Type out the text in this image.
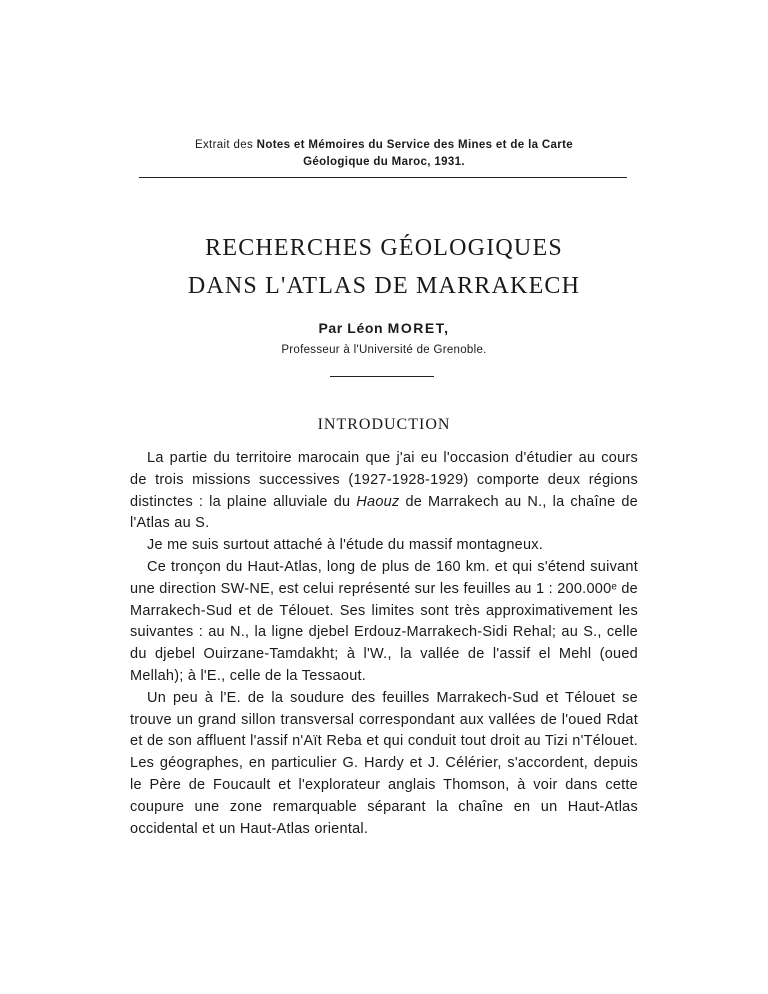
Extrait des Notes et Mémoires du Service des Mines et de la Carte
Géologique du Maroc, 1931.
RECHERCHES GÉOLOGIQUES
DANS L'ATLAS DE MARRAKECH
Par Léon MORET,
Professeur à l'Université de Grenoble.
INTRODUCTION

La partie du territoire marocain que j'ai eu l'occasion d'étudier au cours de trois missions successives (1927-1928-1929) comporte deux régions distinctes : la plaine alluviale du Haouz de Marrakech au N., la chaîne de l'Atlas au S.

Je me suis surtout attaché à l'étude du massif montagneux.

Ce tronçon du Haut-Atlas, long de plus de 160 km. et qui s'étend suivant une direction SW-NE, est celui représenté sur les feuilles au 1 : 200.000ᵉ de Marrakech-Sud et de Télouet. Ses limites sont très approximativement les suivantes : au N., la ligne djebel Erdouz-Marrakech-Sidi Rehal; au S., celle du djebel Ouirzane-Tamdakht; à l'W., la vallée de l'assif el Mehl (oued Mellah); à l'E., celle de la Tessaout.

Un peu à l'E. de la soudure des feuilles Marrakech-Sud et Télouet se trouve un grand sillon transversal correspondant aux vallées de l'oued Rdat et de son affluent l'assif n'Aït Reba et qui conduit tout droit au Tizi n'Télouet. Les géographes, en particulier G. Hardy et J. Célérier, s'accordent, depuis le Père de Foucault et l'explorateur anglais Thomson, à voir dans cette coupure une zone remarquable séparant la chaîne en un Haut-Atlas occidental et un Haut-Atlas oriental.
